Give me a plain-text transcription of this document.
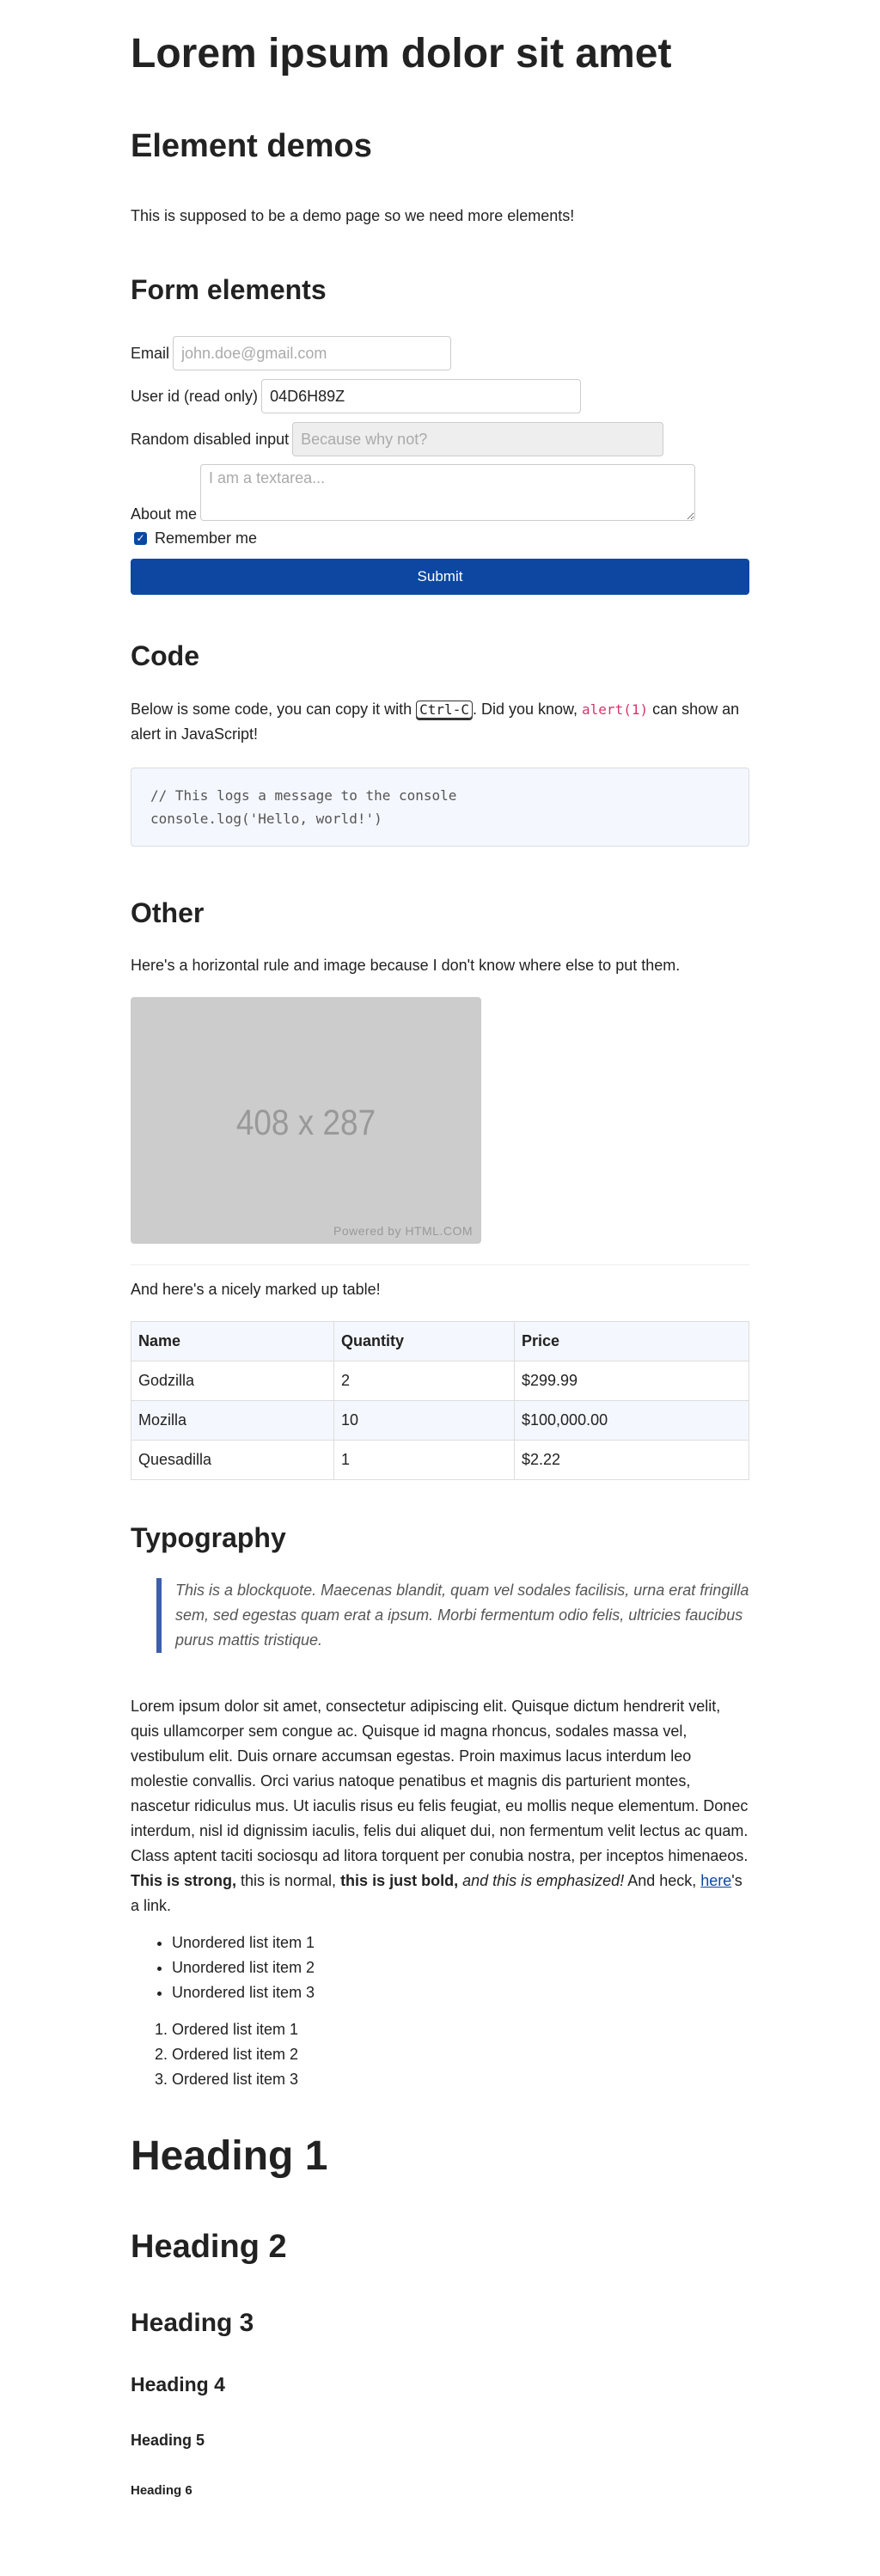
Lorem ipsum dolor sit amet
Element demos

This is supposed to be a demo page so we need more elements!

Form elements
Email
john.doe@gmail.com
User id (read only)
04D6H89Z
Random disabled input
Because why not?
About me
I am a textarea...
✓ Remember me
Submit
Code

Below is some code, you can copy it with Ctrl-C . Did you know, alert(1) can show an alert in JavaScript!

// This logs a message to the console
console.log('Hello, world!')
Other

Here's a horizontal rule and image because I don't know where else to put them.

408 x 287
Powered by HTML.COM

And here's a nicely marked up table!

Name	Quantity	Price
Godzilla	2	$299.99
Mozilla	10	$100,000.00
Quesadilla	1	$2.22
Typography
This is a blockquote. Maecenas blandit, quam vel sodales facilisis, urna erat fringilla sem, sed egestas quam erat a ipsum. Morbi fermentum odio felis, ultricies faucibus purus mattis tristique.

Lorem ipsum dolor sit amet, consectetur adipiscing elit. Quisque dictum hendrerit velit, quis ullamcorper sem congue ac. Quisque id magna rhoncus, sodales massa vel, vestibulum elit. Duis ornare accumsan egestas. Proin maximus lacus interdum leo molestie convallis. Orci varius natoque penatibus et magnis dis parturient montes, nascetur ridiculus mus. Ut iaculis risus eu felis feugiat, eu mollis neque elementum. Donec interdum, nisl id dignissim iaculis, felis dui aliquet dui, non fermentum velit lectus ac quam. Class aptent taciti sociosqu ad litora torquent per conubia nostra, per inceptos himenaeos. This is strong, this is normal, this is just bold, and this is emphasized! And heck, here's a link.

• Unordered list item 1
• Unordered list item 2
• Unordered list item 3
1. Ordered list item 1
2. Ordered list item 2
3. Ordered list item 3
Heading 1
Heading 2
Heading 3
Heading 4
Heading 5
Heading 6
